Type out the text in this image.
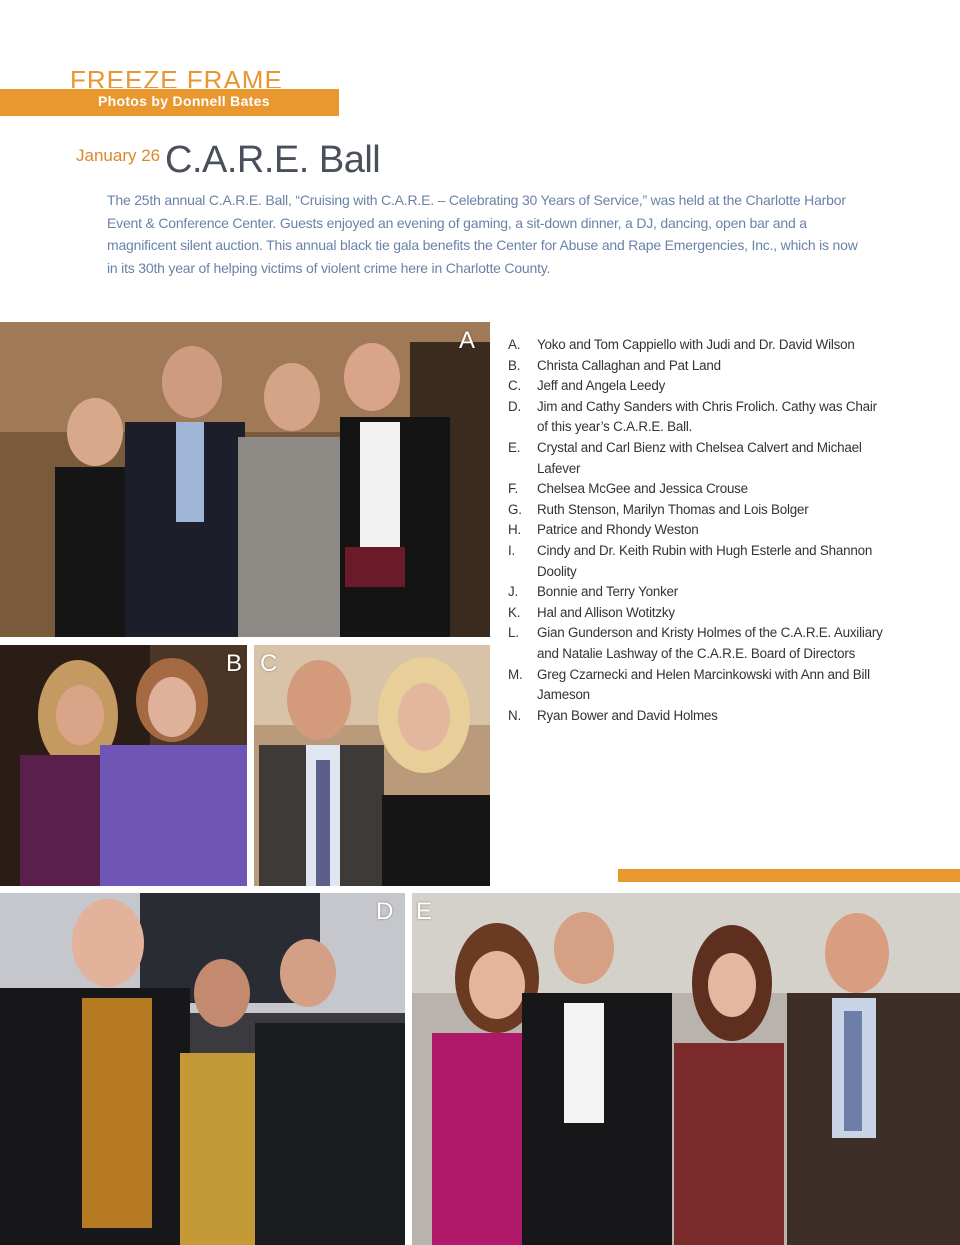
FREEZE FRAME
Photos by Donnell Bates
January 26 C.A.R.E. Ball
The 25th annual C.A.R.E. Ball, “Cruising with C.A.R.E. – Celebrating 30 Years of Service,” was held at the Charlotte Harbor Event & Conference Center. Guests enjoyed an evening of gaming, a sit-down dinner, a DJ, dancing, open bar and a magnificent silent auction. This annual black tie gala benefits the Center for Abuse and Rape Emergencies, Inc., which is now in its 30th year of helping victims of violent crime here in Charlotte County.
A
B C
D E
A.	Yoko and Tom Cappiello with Judi and Dr. David Wilson
B.	Christa Callaghan and Pat Land
C.	Jeff and Angela Leedy
D.	Jim and Cathy Sanders with Chris Frolich. Cathy was Chair of this year’s C.A.R.E. Ball.
E.	Crystal and Carl Bienz with Chelsea Calvert and Michael Lafever
F.	Chelsea McGee and Jessica Crouse
G.	Ruth Stenson, Marilyn Thomas and Lois Bolger
H.	Patrice and Rhondy Weston
I.	Cindy and Dr. Keith Rubin with Hugh Esterle and Shannon Doolity
J.	Bonnie and Terry Yonker
K.	Hal and Allison Wotitzky
L.	Gian Gunderson and Kristy Holmes of the C.A.R.E. Auxiliary and Natalie Lashway of the C.A.R.E. Board of Directors
M.	Greg Czarnecki and Helen Marcinkowski with Ann and Bill Jameson
N.	Ryan Bower and David Holmes
